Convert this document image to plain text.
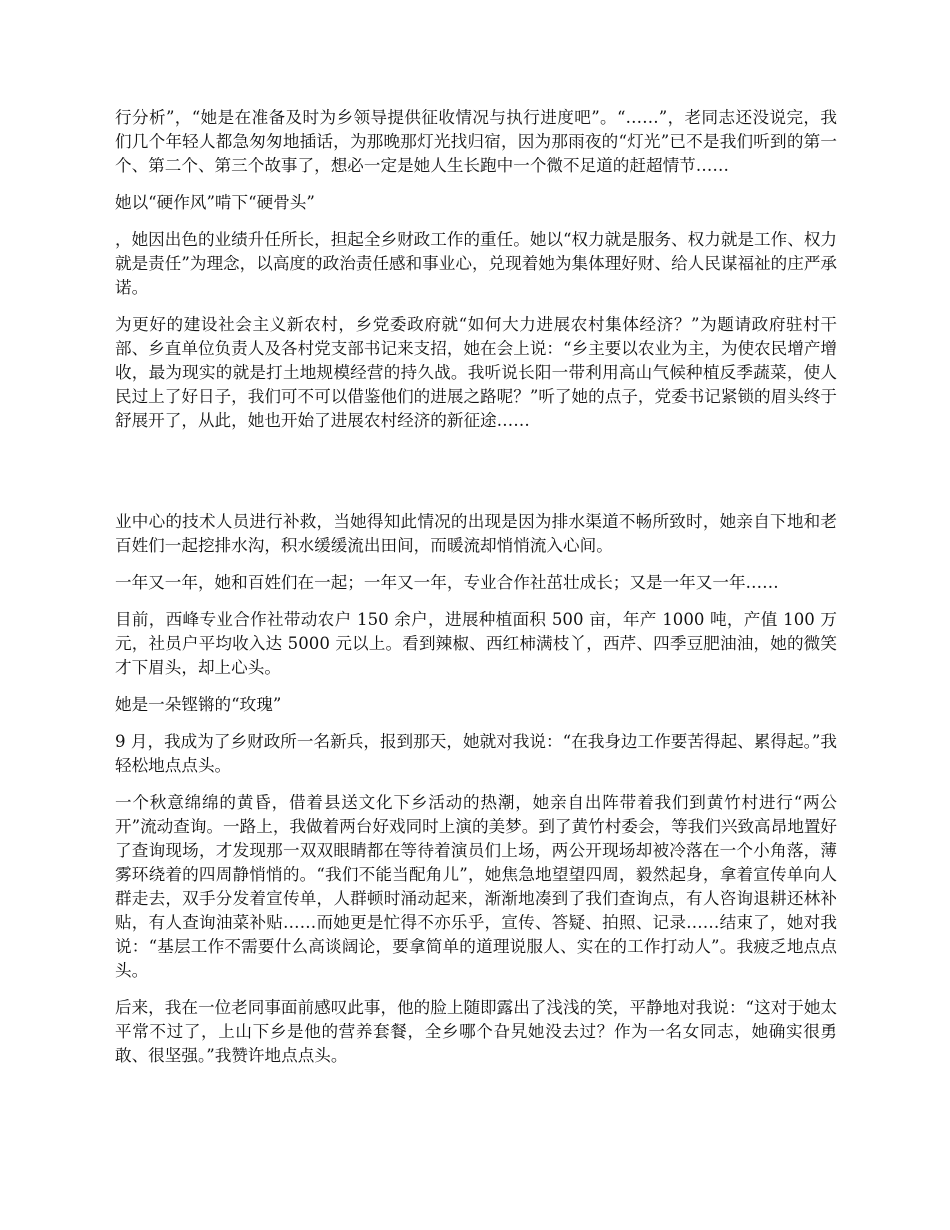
行分析”，“她是在准备及时为乡领导提供征收情况与执行进度吧”。“……”，老同志还没说完，我们几个年轻人都急匆匆地插话，为那晚那灯光找归宿，因为那雨夜的“灯光”已不是我们听到的第一个、第二个、第三个故事了，想必一定是她人生长跑中一个微不足道的赶超情节……

她以“硬作风”啃下“硬骨头”

，她因出色的业绩升任所长，担起全乡财政工作的重任。她以“权力就是服务、权力就是工作、权力就是责任”为理念，以高度的政治责任感和事业心，兑现着她为集体理好财、给人民谋福祉的庄严承诺。

为更好的建设社会主义新农村，乡党委政府就“如何大力进展农村集体经济？”为题请政府驻村干部、乡直单位负责人及各村党支部书记来支招，她在会上说：“乡主要以农业为主，为使农民增产增收，最为现实的就是打土地规模经营的持久战。我听说长阳一带利用高山气候种植反季蔬菜，使人民过上了好日子，我们可不可以借鉴他们的进展之路呢？”听了她的点子，党委书记紧锁的眉头终于舒展开了，从此，她也开始了进展农村经济的新征途……

业中心的技术人员进行补救，当她得知此情况的出现是因为排水渠道不畅所致时，她亲自下地和老百姓们一起挖排水沟，积水缓缓流出田间，而暖流却悄悄流入心间。

一年又一年，她和百姓们在一起；一年又一年，专业合作社茁壮成长；又是一年又一年……

目前，西峰专业合作社带动农户 150 余户，进展种植面积 500 亩，年产 1000 吨，产值 100 万元，社员户平均收入达 5000 元以上。看到辣椒、西红柿满枝丫，西芹、四季豆肥油油，她的微笑才下眉头，却上心头。

她是一朵铿锵的“玫瑰”

9 月，我成为了乡财政所一名新兵，报到那天，她就对我说：“在我身边工作要苦得起、累得起。”我轻松地点点头。

一个秋意绵绵的黄昏，借着县送文化下乡活动的热潮，她亲自出阵带着我们到黄竹村进行“两公开”流动查询。一路上，我做着两台好戏同时上演的美梦。到了黄竹村委会，等我们兴致高昂地置好了查询现场，才发现那一双双眼睛都在等待着演员们上场，两公开现场却被冷落在一个小角落，薄雾环绕着的四周静悄悄的。“我们不能当配角儿”，她焦急地望望四周，毅然起身，拿着宣传单向人群走去，双手分发着宣传单，人群顿时涌动起来，渐渐地凑到了我们查询点，有人咨询退耕还林补贴，有人查询油菜补贴……而她更是忙得不亦乐乎，宣传、答疑、拍照、记录……结束了，她对我说：“基层工作不需要什么高谈阔论，要拿简单的道理说服人、实在的工作打动人”。我疲乏地点点头。

后来，我在一位老同事面前感叹此事，他的脸上随即露出了浅浅的笑，平静地对我说：“这对于她太平常不过了，上山下乡是他的营养套餐，全乡哪个旮旯她没去过？作为一名女同志，她确实很勇敢、很坚强。”我赞许地点点头。
